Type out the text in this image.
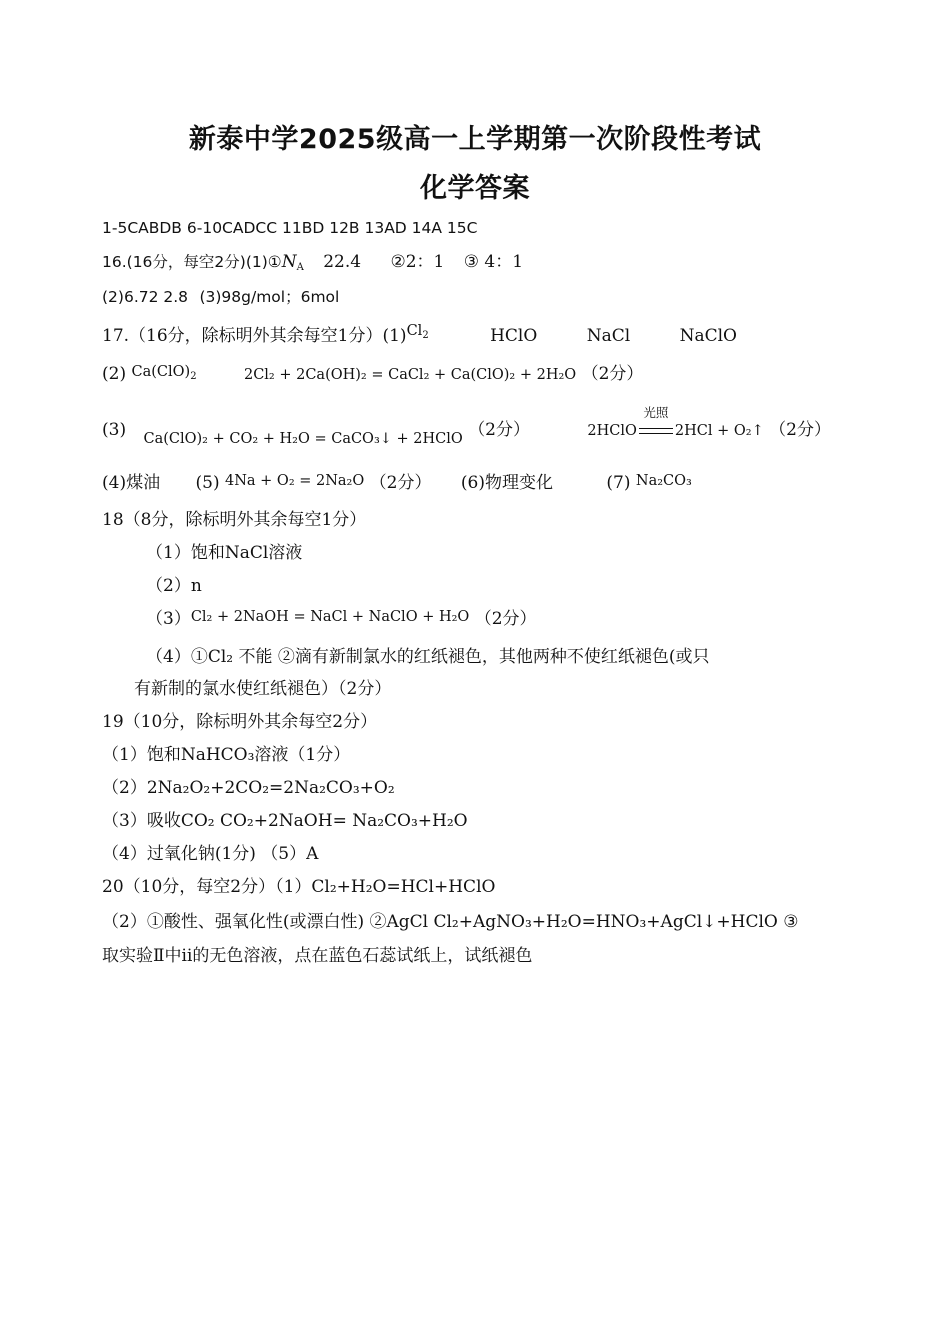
新泰中学2025级高一上学期第一次阶段性考试
化学答案
1-5CABDB 6-10CADCC 11BD 12B 13AD 14A 15C
16.(16分，每空2分)$(1)①N_A$ 22.4 ②2：1 ③ 4：1
(2)6.72 2.8 (3)98g/mol；6mol
17.（16分，除标明外其余每空1分）$(1)Cl_2$	HClO	NaCl	NaClO
(2) $Ca(ClO)_2$	2Cl₂ + 2Ca(OH)₂ = CaCl₂ + Ca(ClO)₂ + 2H₂O （2分）
(3) Ca(ClO)₂ + CO₂ + H₂O = CaCO₃↓ + 2HClO （2分）	2HClO
光照
2HCl + O₂↑ （2分）
(4)煤油 (5) 4Na + O₂ = 2Na₂O （2分） (6)物理变化	(7) Na₂CO₃
18（8分，除标明外其余每空1分）
（1）饱和NaCl溶液
（2）n
（3）Cl₂ + 2NaOH = NaCl + NaClO + H₂O （2分）
（4）①Cl₂ 不能 ②滴有新制氯水的红纸褪色，其他两种不使红纸褪色(或只
有新制的氯水使红纸褪色）（2分）
19（10分，除标明外其余每空2分）
（1）饱和NaHCO₃溶液（1分）
（2）2Na₂O₂+2CO₂=2Na₂CO₃+O₂
（3）吸收CO₂ CO₂+2NaOH= Na₂CO₃+H₂O
（4）过氧化钠(1分) （5）A
20（10分，每空2分）（1）Cl₂+H₂O=HCl+HClO
（2）①酸性、强氧化性(或漂白性) ②AgCl Cl₂+AgNO₃+H₂O=HNO₃+AgCl↓+HClO ③
取实验Ⅱ中ⅱ的无色溶液，点在蓝色石蕊试纸上，试纸褪色
